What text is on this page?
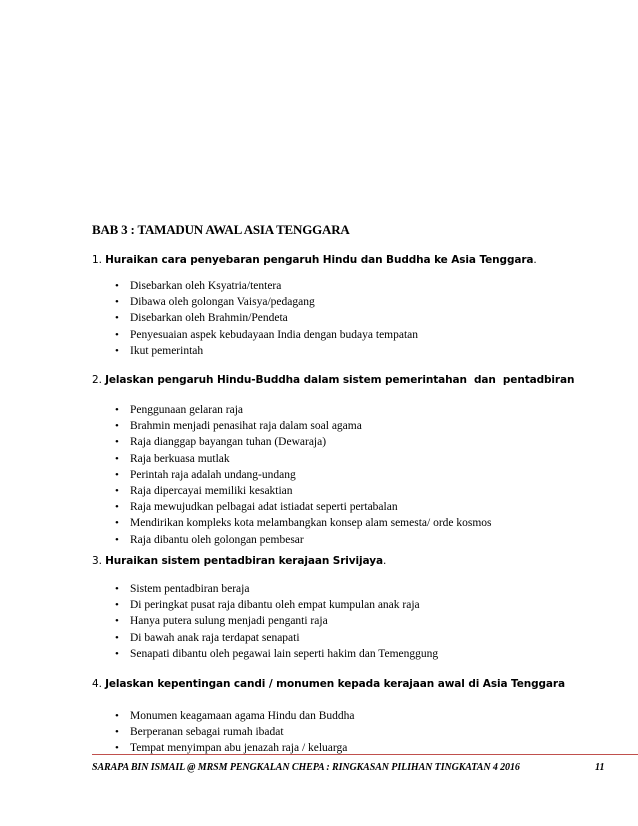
BAB 3 : TAMADUN AWAL ASIA TENGGARA
1. Huraikan cara penyebaran pengaruh Hindu dan Buddha ke Asia Tenggara.
• Disebarkan oleh Ksyatria/tentera
• Dibawa oleh golongan Vaisya/pedagang
• Disebarkan oleh Brahmin/Pendeta
• Penyesuaian aspek kebudayaan India dengan budaya tempatan
• Ikut pemerintah
2. Jelaskan pengaruh Hindu-Buddha dalam sistem pemerintahan  dan  pentadbiran
• Penggunaan gelaran raja
• Brahmin menjadi penasihat raja dalam soal agama
• Raja dianggap bayangan tuhan (Dewaraja)
• Raja berkuasa mutlak
• Perintah raja adalah undang-undang
• Raja dipercayai memiliki kesaktian
• Raja mewujudkan pelbagai adat istiadat seperti pertabalan
• Mendirikan kompleks kota melambangkan konsep alam semesta/ orde kosmos
• Raja dibantu oleh golongan pembesar
3. Huraikan sistem pentadbiran kerajaan Srivijaya.
• Sistem pentadbiran beraja
• Di peringkat pusat raja dibantu oleh empat kumpulan anak raja
• Hanya putera sulung menjadi penganti raja
• Di bawah anak raja terdapat senapati
• Senapati dibantu oleh pegawai lain seperti hakim dan Temenggung
4. Jelaskan kepentingan candi / monumen kepada kerajaan awal di Asia Tenggara
• Monumen keagamaan agama Hindu dan Buddha
• Berperanan sebagai rumah ibadat
• Tempat menyimpan abu jenazah raja / keluarga
SARAPA BIN ISMAIL @ MRSM PENGKALAN CHEPA : RINGKASAN PILIHAN TINGKATAN 4 2016	11
